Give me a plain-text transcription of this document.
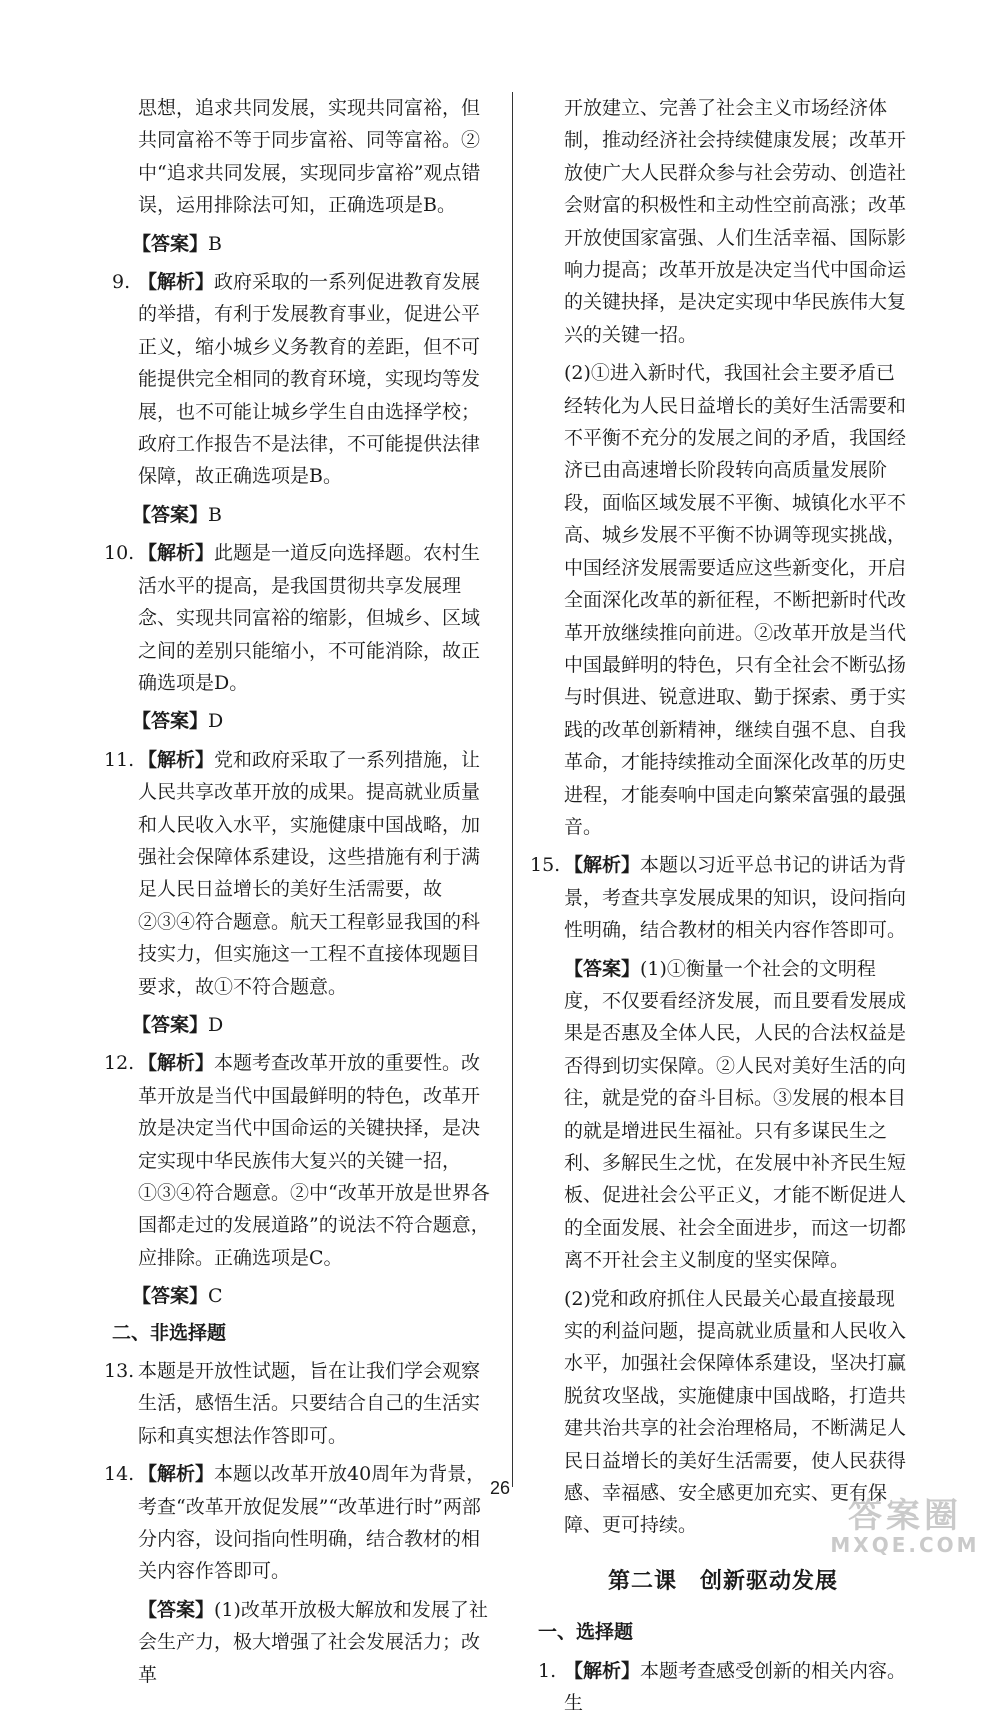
思想，追求共同发展，实现共同富裕，但共同富裕不等于同步富裕、同等富裕。②中“追求共同发展，实现同步富裕”观点错误，运用排除法可知，正确选项是B。
【答案】B
9. 【解析】政府采取的一系列促进教育发展的举措，有利于发展教育事业，促进公平正义，缩小城乡义务教育的差距，但不可能提供完全相同的教育环境，实现均等发展，也不可能让城乡学生自由选择学校；政府工作报告不是法律，不可能提供法律保障，故正确选项是B。
【答案】B
10. 【解析】此题是一道反向选择题。农村生活水平的提高，是我国贯彻共享发展理念、实现共同富裕的缩影，但城乡、区域之间的差别只能缩小，不可能消除，故正确选项是D。
【答案】D
11. 【解析】党和政府采取了一系列措施，让人民共享改革开放的成果。提高就业质量和人民收入水平，实施健康中国战略，加强社会保障体系建设，这些措施有利于满足人民日益增长的美好生活需要，故②③④符合题意。航天工程彰显我国的科技实力，但实施这一工程不直接体现题目要求，故①不符合题意。
【答案】D
12. 【解析】本题考查改革开放的重要性。改革开放是当代中国最鲜明的特色，改革开放是决定当代中国命运的关键抉择，是决定实现中华民族伟大复兴的关键一招，①③④符合题意。②中“改革开放是世界各国都走过的发展道路”的说法不符合题意，应排除。正确选项是C。
【答案】C
二、非选择题
13. 本题是开放性试题，旨在让我们学会观察生活，感悟生活。只要结合自己的生活实际和真实想法作答即可。
14. 【解析】本题以改革开放40周年为背景，考查“改革开放促发展”“改革进行时”两部分内容，设问指向性明确，结合教材的相关内容作答即可。
【答案】(1)改革开放极大解放和发展了社会生产力，极大增强了社会发展活力；改革
开放建立、完善了社会主义市场经济体制，推动经济社会持续健康发展；改革开放使广大人民群众参与社会劳动、创造社会财富的积极性和主动性空前高涨；改革开放使国家富强、人们生活幸福、国际影响力提高；改革开放是决定当代中国命运的关键抉择，是决定实现中华民族伟大复兴的关键一招。
(2)①进入新时代，我国社会主要矛盾已经转化为人民日益增长的美好生活需要和不平衡不充分的发展之间的矛盾，我国经济已由高速增长阶段转向高质量发展阶段，面临区域发展不平衡、城镇化水平不高、城乡发展不平衡不协调等现实挑战，中国经济发展需要适应这些新变化，开启全面深化改革的新征程，不断把新时代改革开放继续推向前进。②改革开放是当代中国最鲜明的特色，只有全社会不断弘扬与时俱进、锐意进取、勤于探索、勇于实践的改革创新精神，继续自强不息、自我革命，才能持续推动全面深化改革的历史进程，才能奏响中国走向繁荣富强的最强音。
15. 【解析】本题以习近平总书记的讲话为背景，考查共享发展成果的知识，设问指向性明确，结合教材的相关内容作答即可。
【答案】(1)①衡量一个社会的文明程度，不仅要看经济发展，而且要看发展成果是否惠及全体人民，人民的合法权益是否得到切实保障。②人民对美好生活的向往，就是党的奋斗目标。③发展的根本目的就是增进民生福祉。只有多谋民生之利、多解民生之忧，在发展中补齐民生短板、促进社会公平正义，才能不断促进人的全面发展、社会全面进步，而这一切都离不开社会主义制度的坚实保障。
(2)党和政府抓住人民最关心最直接最现实的利益问题，提高就业质量和人民收入水平，加强社会保障体系建设，坚决打赢脱贫攻坚战，实施健康中国战略，打造共建共治共享的社会治理格局，不断满足人民日益增长的美好生活需要，使人民获得感、幸福感、安全感更加充实、更有保障、更可持续。
第二课　创新驱动发展
一、选择题
1. 【解析】本题考查感受创新的相关内容。生
26
答案圈
MXQE.COM
